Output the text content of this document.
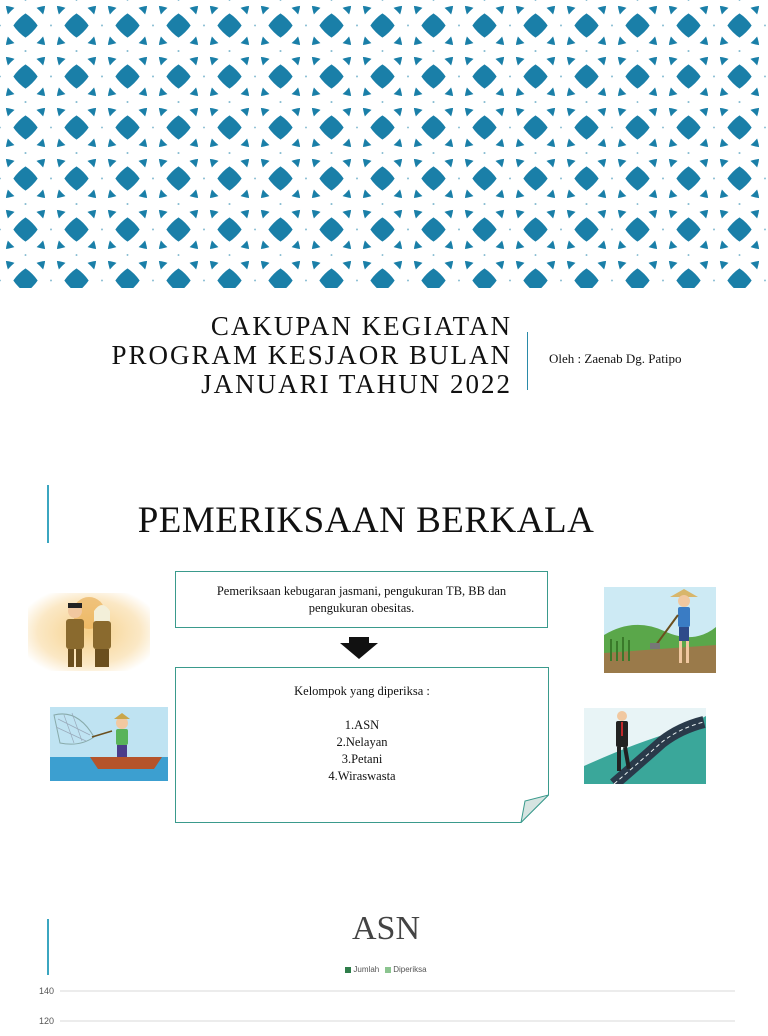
CAKUPAN KEGIATAN
PROGRAM KESJAOR BULAN
JANUARI TAHUN 2022
Oleh : Zaenab Dg. Patipo
PEMERIKSAAN BERKALA
Pemeriksaan kebugaran jasmani, pengukuran TB, BB dan pengukuran obesitas.
Kelompok yang diperiksa :
1.ASN
2.Nelayan
3.Petani
4.Wiraswasta
ASN
Jumlah Diperiksa
140
120
